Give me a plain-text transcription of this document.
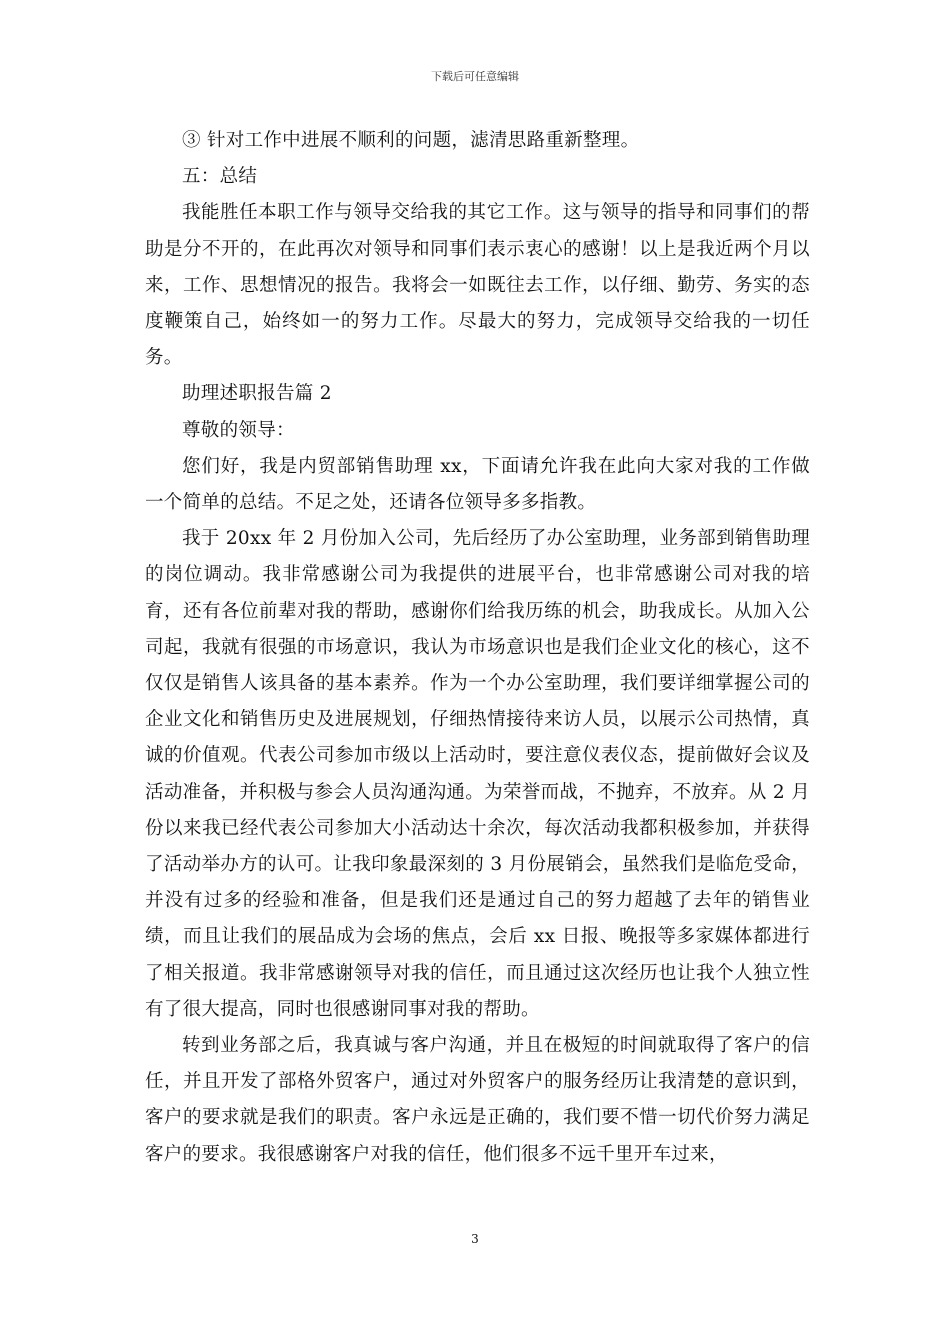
下载后可任意编辑

③ 针对工作中进展不顺利的问题，滤清思路重新整理。

五：总结

我能胜任本职工作与领导交给我的其它工作。这与领导的指导和同事们的帮助是分不开的，在此再次对领导和同事们表示衷心的感谢！以上是我近两个月以来，工作、思想情况的报告。我将会一如既往去工作，以仔细、勤劳、务实的态度鞭策自己，始终如一的努力工作。尽最大的努力，完成领导交给我的一切任务。

助理述职报告篇 2

尊敬的领导：

您们好，我是内贸部销售助理 xx，下面请允许我在此向大家对我的工作做一个简单的总结。不足之处，还请各位领导多多指教。

我于 20xx 年 2 月份加入公司，先后经历了办公室助理，业务部到销售助理的岗位调动。我非常感谢公司为我提供的进展平台，也非常感谢公司对我的培育，还有各位前辈对我的帮助，感谢你们给我历练的机会，助我成长。从加入公司起，我就有很强的市场意识，我认为市场意识也是我们企业文化的核心，这不仅仅是销售人该具备的基本素养。作为一个办公室助理，我们要详细掌握公司的企业文化和销售历史及进展规划，仔细热情接待来访人员，以展示公司热情，真诚的价值观。代表公司参加市级以上活动时，要注意仪表仪态，提前做好会议及活动准备，并积极与参会人员沟通沟通。为荣誉而战，不抛弃，不放弃。从 2 月份以来我已经代表公司参加大小活动达十余次，每次活动我都积极参加，并获得了活动举办方的认可。让我印象最深刻的 3 月份展销会，虽然我们是临危受命，并没有过多的经验和准备，但是我们还是通过自己的努力超越了去年的销售业绩，而且让我们的展品成为会场的焦点，会后 xx 日报、晚报等多家媒体都进行了相关报道。我非常感谢领导对我的信任，而且通过这次经历也让我个人独立性有了很大提高，同时也很感谢同事对我的帮助。

转到业务部之后，我真诚与客户沟通，并且在极短的时间就取得了客户的信任，并且开发了部格外贸客户，通过对外贸客户的服务经历让我清楚的意识到，客户的要求就是我们的职责。客户永远是正确的，我们要不惜一切代价努力满足客户的要求。我很感谢客户对我的信任，他们很多不远千里开车过来，

3
